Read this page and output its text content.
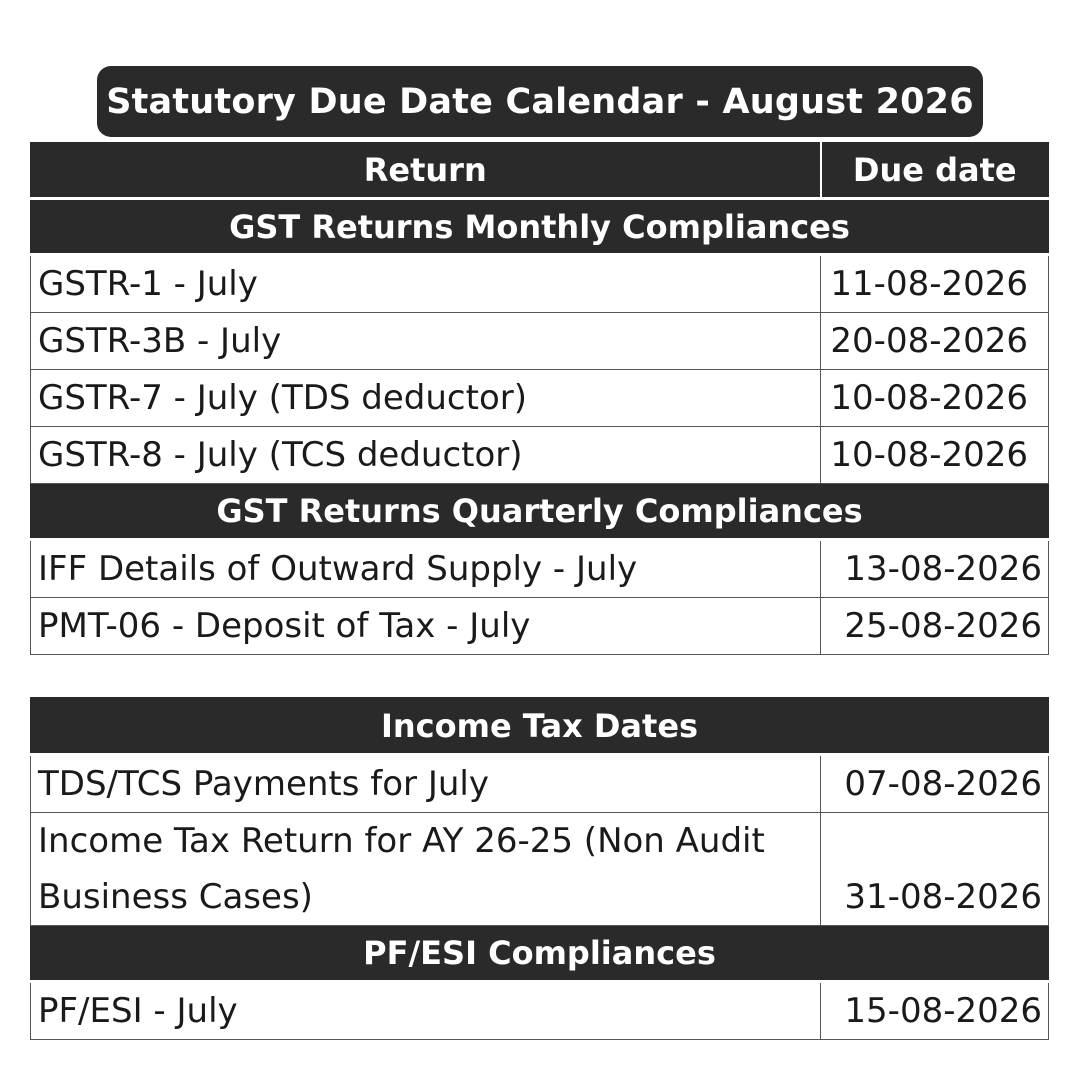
Statutory Due Date Calendar - August 2026
Return	Due date
GST Returns Monthly Compliances	
GSTR-1 - July	11-08-2026
GSTR-3B - July	20-08-2026
GSTR-7 - July (TDS deductor)	10-08-2026
GSTR-8 - July (TCS deductor)	10-08-2026
GST Returns Quarterly Compliances	
IFF Details of Outward Supply - July	13-08-2026
PMT-06 - Deposit of Tax - July	25-08-2026
Income Tax Dates	
TDS/TCS Payments for July	07-08-2026
Income Tax Return for AY 26-25 (Non Audit Business Cases)	31-08-2026
PF/ESI Compliances	
PF/ESI - July	15-08-2026
